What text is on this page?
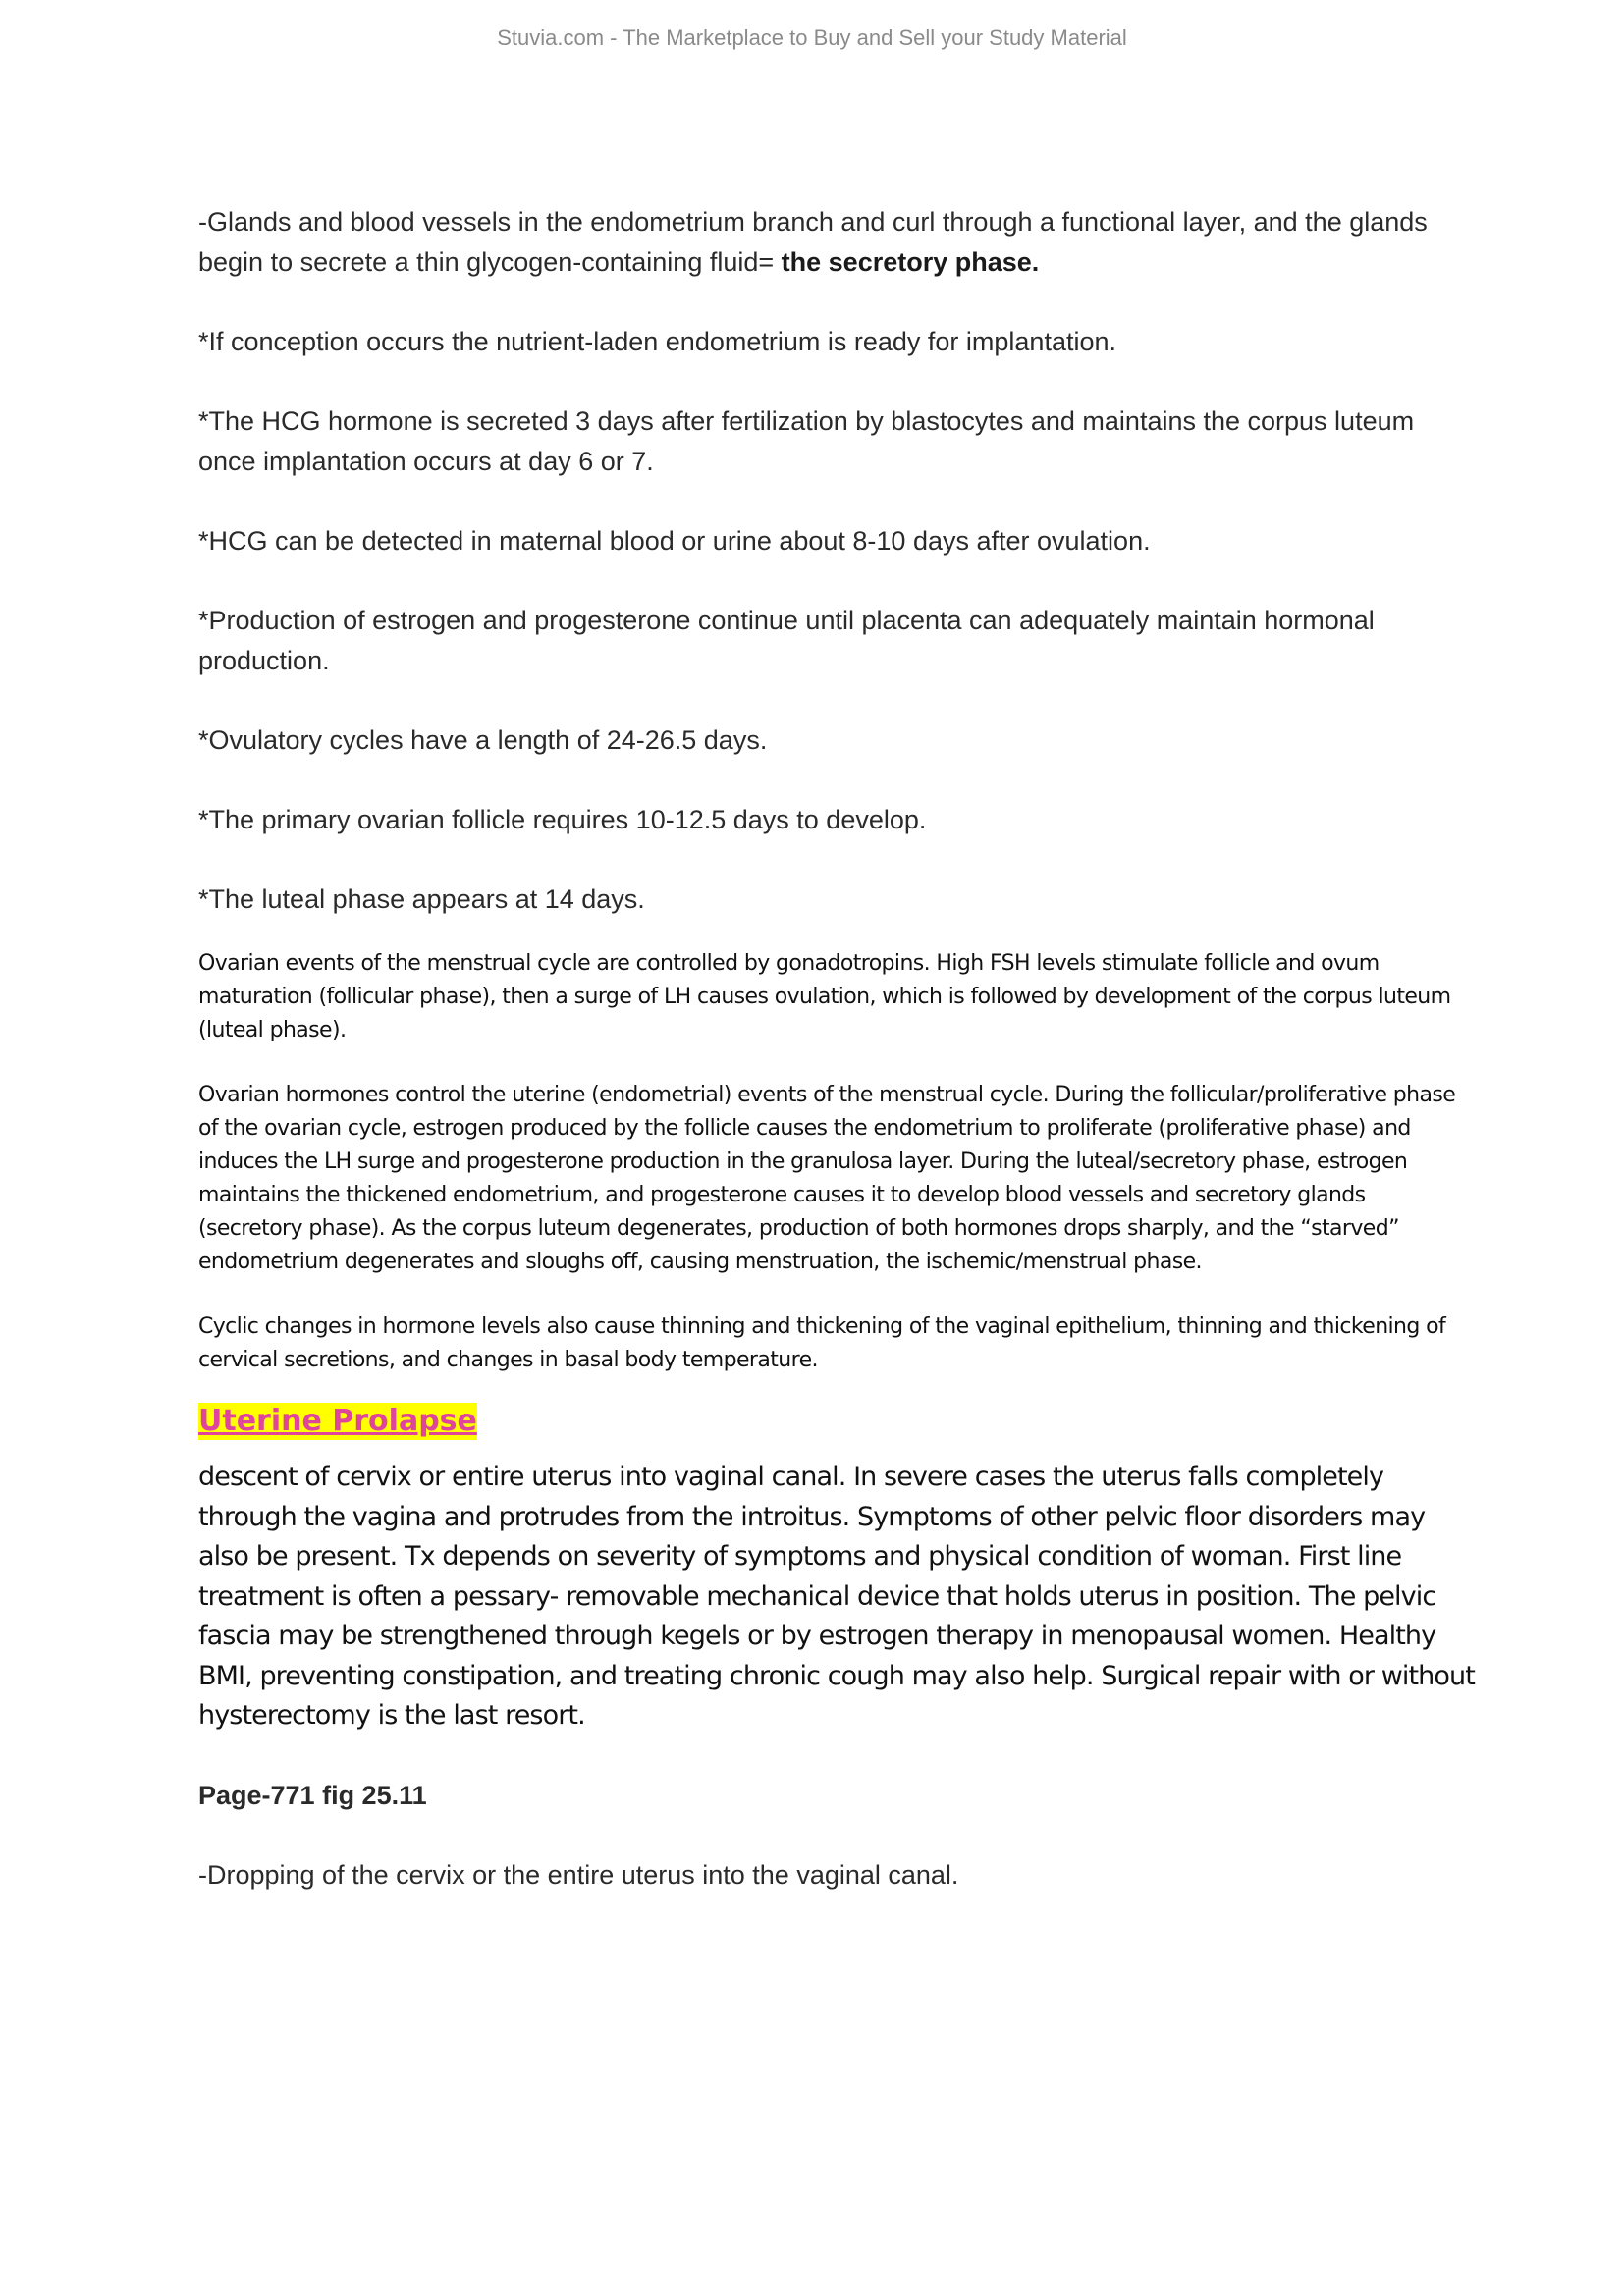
Stuvia.com - The Marketplace to Buy and Sell your Study Material

-Glands and blood vessels in the endometrium branch and curl through a functional layer, and the glands begin to secrete a thin glycogen-containing fluid= the secretory phase.

*If conception occurs the nutrient-laden endometrium is ready for implantation.

*The HCG hormone is secreted 3 days after fertilization by blastocytes and maintains the corpus luteum once implantation occurs at day 6 or 7.

*HCG can be detected in maternal blood or urine about 8-10 days after ovulation.

*Production of estrogen and progesterone continue until placenta can adequately maintain hormonal production.

*Ovulatory cycles have a length of 24-26.5 days.

*The primary ovarian follicle requires 10-12.5 days to develop.

*The luteal phase appears at 14 days.

Ovarian events of the menstrual cycle are controlled by gonadotropins. High FSH levels stimulate follicle and ovum maturation (follicular phase), then a surge of LH causes ovulation, which is followed by development of the corpus luteum (luteal phase).

Ovarian hormones control the uterine (endometrial) events of the menstrual cycle. During the follicular/proliferative phase of the ovarian cycle, estrogen produced by the follicle causes the endometrium to proliferate (proliferative phase) and induces the LH surge and progesterone production in the granulosa layer. During the luteal/secretory phase, estrogen maintains the thickened endometrium, and progesterone causes it to develop blood vessels and secretory glands (secretory phase). As the corpus luteum degenerates, production of both hormones drops sharply, and the “starved” endometrium degenerates and sloughs off, causing menstruation, the ischemic/menstrual phase.

Cyclic changes in hormone levels also cause thinning and thickening of the vaginal epithelium, thinning and thickening of cervical secretions, and changes in basal body temperature.

Uterine Prolapse

descent of cervix or entire uterus into vaginal canal. In severe cases the uterus falls completely through the vagina and protrudes from the introitus. Symptoms of other pelvic floor disorders may also be present. Tx depends on severity of symptoms and physical condition of woman. First line treatment is often a pessary- removable mechanical device that holds uterus in position. The pelvic fascia may be strengthened through kegels or by estrogen therapy in menopausal women. Healthy BMI, preventing constipation, and treating chronic cough may also help. Surgical repair with or without hysterectomy is the last resort.

Page-771 fig 25.11

-Dropping of the cervix or the entire uterus into the vaginal canal.
